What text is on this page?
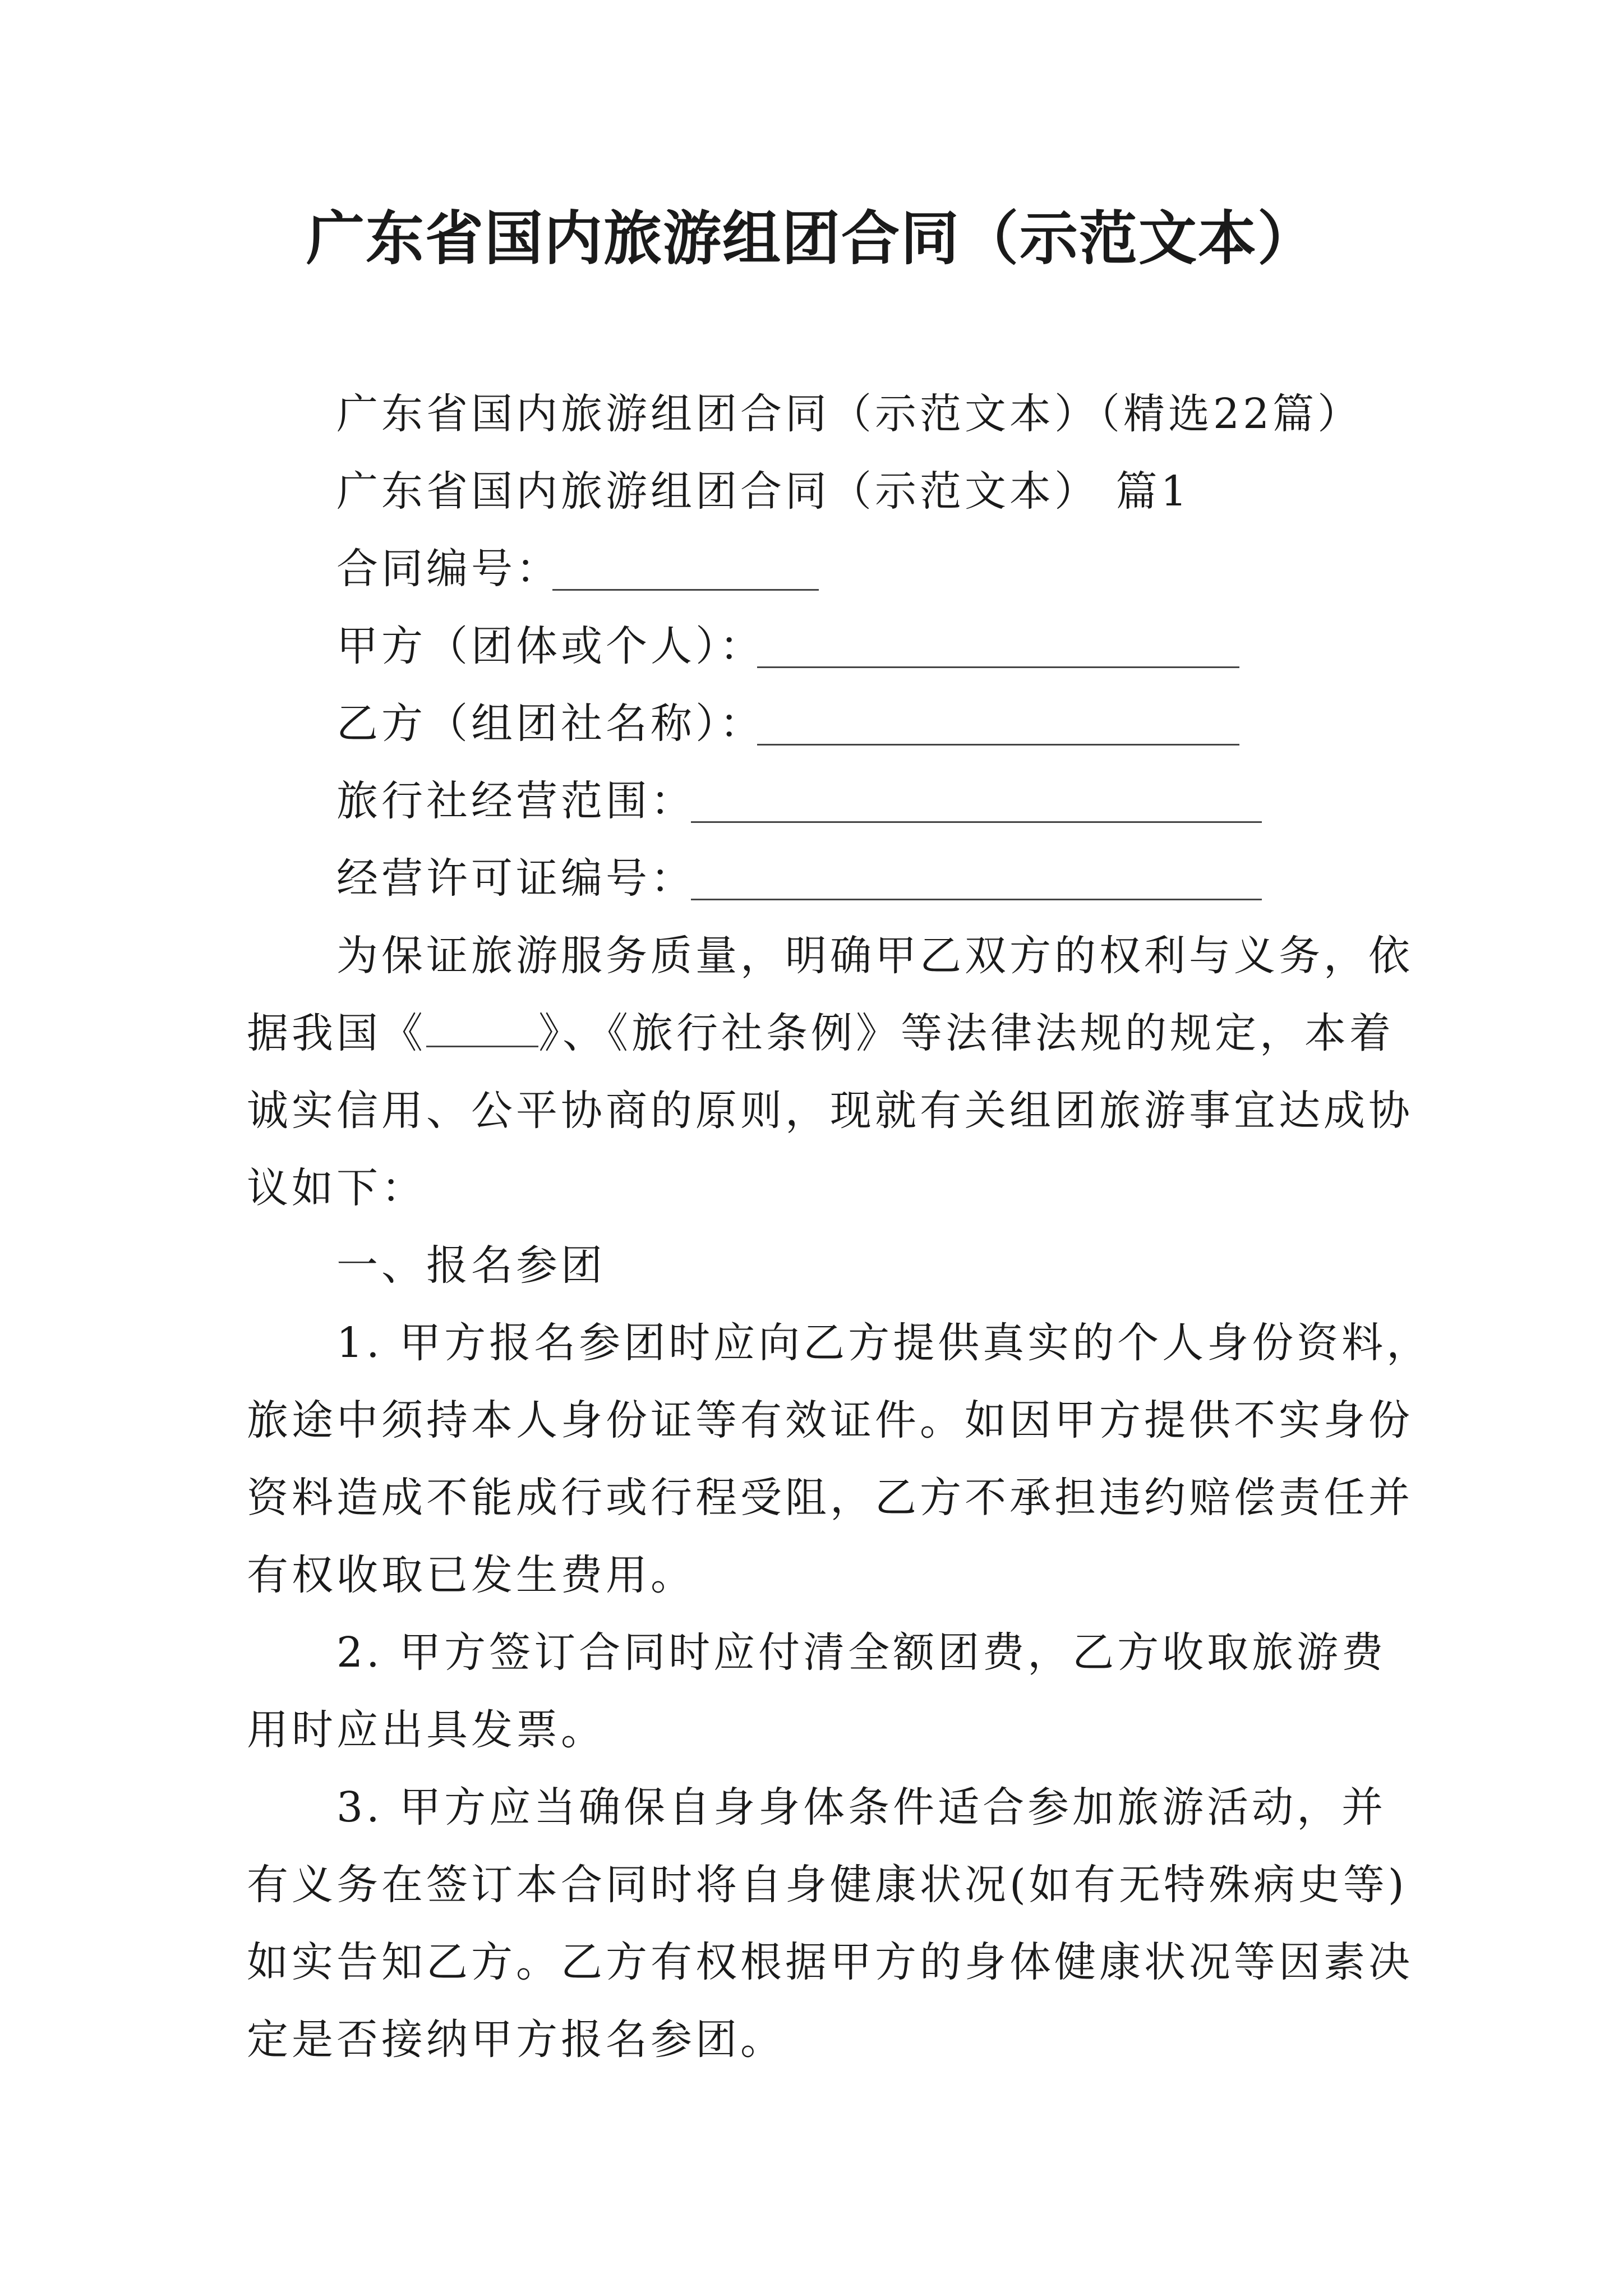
广东省国内旅游组团合同（示范文本）
广东省国内旅游组团合同（示范文本）（精选22篇）
广东省国内旅游组团合同（示范文本） 篇1
合同编号：
甲方（团体或个人）：
乙方（组团社名称）：
旅行社经营范围：
经营许可证编号：
为保证旅游服务质量，明确甲乙双方的权利与义务，依
据我国《	》、《旅行社条例》等法律法规的规定，本着
诚实信用、公平协商的原则，现就有关组团旅游事宜达成协
议如下：
一、报名参团
1. 甲方报名参团时应向乙方提供真实的个人身份资料，
旅途中须持本人身份证等有效证件。如因甲方提供不实身份
资料造成不能成行或行程受阻，乙方不承担违约赔偿责任并
有权收取已发生费用。
2. 甲方签订合同时应付清全额团费，乙方收取旅游费
用时应出具发票。
3. 甲方应当确保自身身体条件适合参加旅游活动，并
有义务在签订本合同时将自身健康状况(如有无特殊病史等)
如实告知乙方。乙方有权根据甲方的身体健康状况等因素决
定是否接纳甲方报名参团。
